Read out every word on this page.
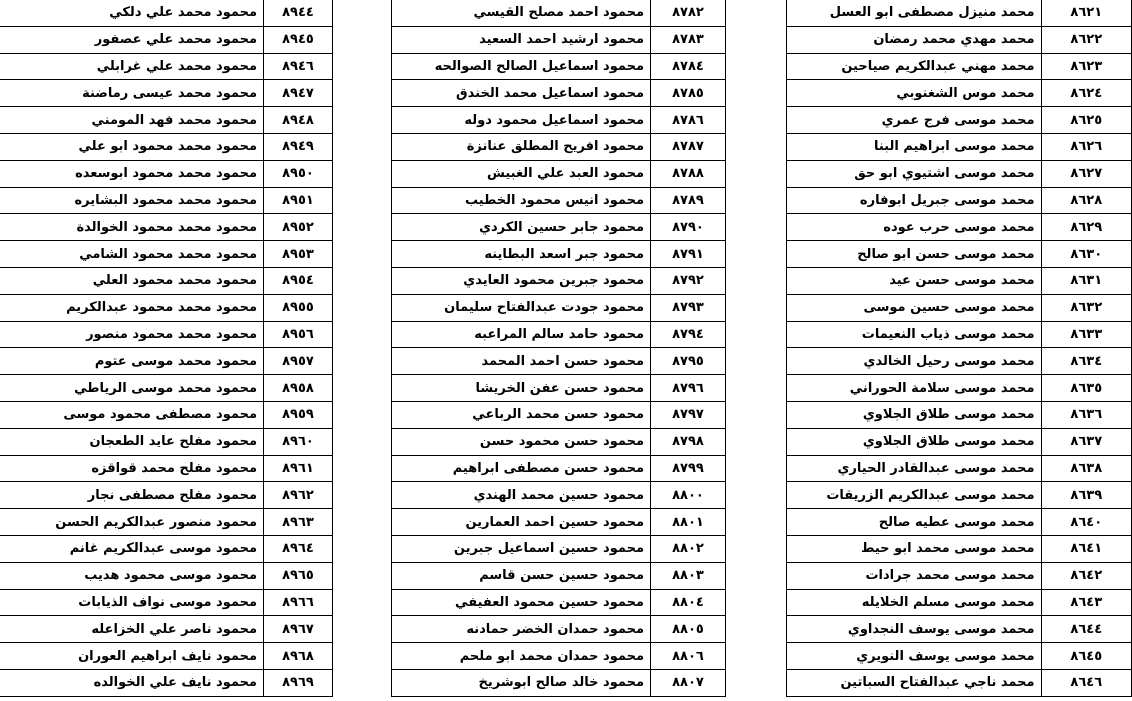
محمود محمد علي دلكي	٨٩٤٤
محمود محمد علي عصفور	٨٩٤٥
محمود محمد علي غرابلي	٨٩٤٦
محمود محمد عيسى رماضنة	٨٩٤٧
محمود محمد فهد المومني	٨٩٤٨
محمود محمد محمود ابو علي	٨٩٤٩
محمود محمد محمود ابوسعده	٨٩٥٠
محمود محمد محمود البشايره	٨٩٥١
محمود محمد محمود الخوالدة	٨٩٥٢
محمود محمد محمود الشامي	٨٩٥٣
محمود محمد محمود العلي	٨٩٥٤
محمود محمد محمود عبدالكريم	٨٩٥٥
محمود محمد محمود منصور	٨٩٥٦
محمود محمد موسى عتوم	٨٩٥٧
محمود محمد موسى الرياطي	٨٩٥٨
محمود مصطفى محمود موسى	٨٩٥٩
محمود مفلح عايد الطعجان	٨٩٦٠
محمود مفلح محمد قواقزه	٨٩٦١
محمود مفلح مصطفى نجار	٨٩٦٢
محمود منصور عبدالكريم الحسن	٨٩٦٣
محمود موسى عبدالكريم غانم	٨٩٦٤
محمود موسى محمود هديب	٨٩٦٥
محمود موسى نواف الذيابات	٨٩٦٦
محمود ناصر علي الخزاعله	٨٩٦٧
محمود نايف ابراهيم العوران	٨٩٦٨
محمود نايف علي الخوالده	٨٩٦٩
محمود احمد مصلح القيسي	٨٧٨٢
محمود ارشيد احمد السعيد	٨٧٨٣
محمود اسماعيل الصالح الصوالحه	٨٧٨٤
محمود اسماعيل محمد الخندق	٨٧٨٥
محمود اسماعيل محمود دوله	٨٧٨٦
محمود افريح المطلق عنانزة	٨٧٨٧
محمود العبد علي الغبيش	٨٧٨٨
محمود انيس محمود الخطيب	٨٧٨٩
محمود جابر حسين الكردي	٨٧٩٠
محمود جبر اسعد البطاينه	٨٧٩١
محمود جبرين محمود العايدي	٨٧٩٢
محمود جودت عبدالفتاح سليمان	٨٧٩٣
محمود حامد سالم المراعبه	٨٧٩٤
محمود حسن احمد المحمد	٨٧٩٥
محمود حسن عفن الخريشا	٨٧٩٦
محمود حسن محمد الرباعي	٨٧٩٧
محمود حسن محمود حسن	٨٧٩٨
محمود حسن مصطفى ابراهيم	٨٧٩٩
محمود حسين محمد الهندي	٨٨٠٠
محمود حسين احمد العمارين	٨٨٠١
محمود حسين اسماعيل جبرين	٨٨٠٢
محمود حسين حسن قاسم	٨٨٠٣
محمود حسين محمود العفيفي	٨٨٠٤
محمود حمدان الخضر حمادنه	٨٨٠٥
محمود حمدان محمد ابو ملحم	٨٨٠٦
محمود خالد صالح ابوشريخ	٨٨٠٧
محمد منيزل مصطفى ابو العسل	٨٦٢١
محمد مهدي محمد رمضان	٨٦٢٢
محمد مهني عبدالكريم صياحين	٨٦٢٣
محمد موس الشغنوبي	٨٦٢٤
محمد موسى فرج عمري	٨٦٢٥
محمد موسى ابراهيم البنا	٨٦٢٦
محمد موسى اشتيوي ابو حق	٨٦٢٧
محمد موسى جبريل ابوفاره	٨٦٢٨
محمد موسى حرب عوده	٨٦٢٩
محمد موسى حسن ابو صالح	٨٦٣٠
محمد موسى حسن عيد	٨٦٣١
محمد موسى حسين موسى	٨٦٣٢
محمد موسى ذياب النعيمات	٨٦٣٣
محمد موسى رحيل الخالدي	٨٦٣٤
محمد موسى سلامة الحوراني	٨٦٣٥
محمد موسى طلاق الجلاوي	٨٦٣٦
محمد موسى طلاق الجلاوي	٨٦٣٧
محمد موسى عبدالقادر الحياري	٨٦٣٨
محمد موسى عبدالكريم الزريقات	٨٦٣٩
محمد موسى عطيه صالح	٨٦٤٠
محمد موسى محمد ابو حيط	٨٦٤١
محمد موسى محمد جرادات	٨٦٤٢
محمد موسى مسلم الخلايله	٨٦٤٣
محمد موسى يوسف النجداوي	٨٦٤٤
محمد موسى يوسف النويري	٨٦٤٥
محمد ناجي عبدالفتاح السباتين	٨٦٤٦
